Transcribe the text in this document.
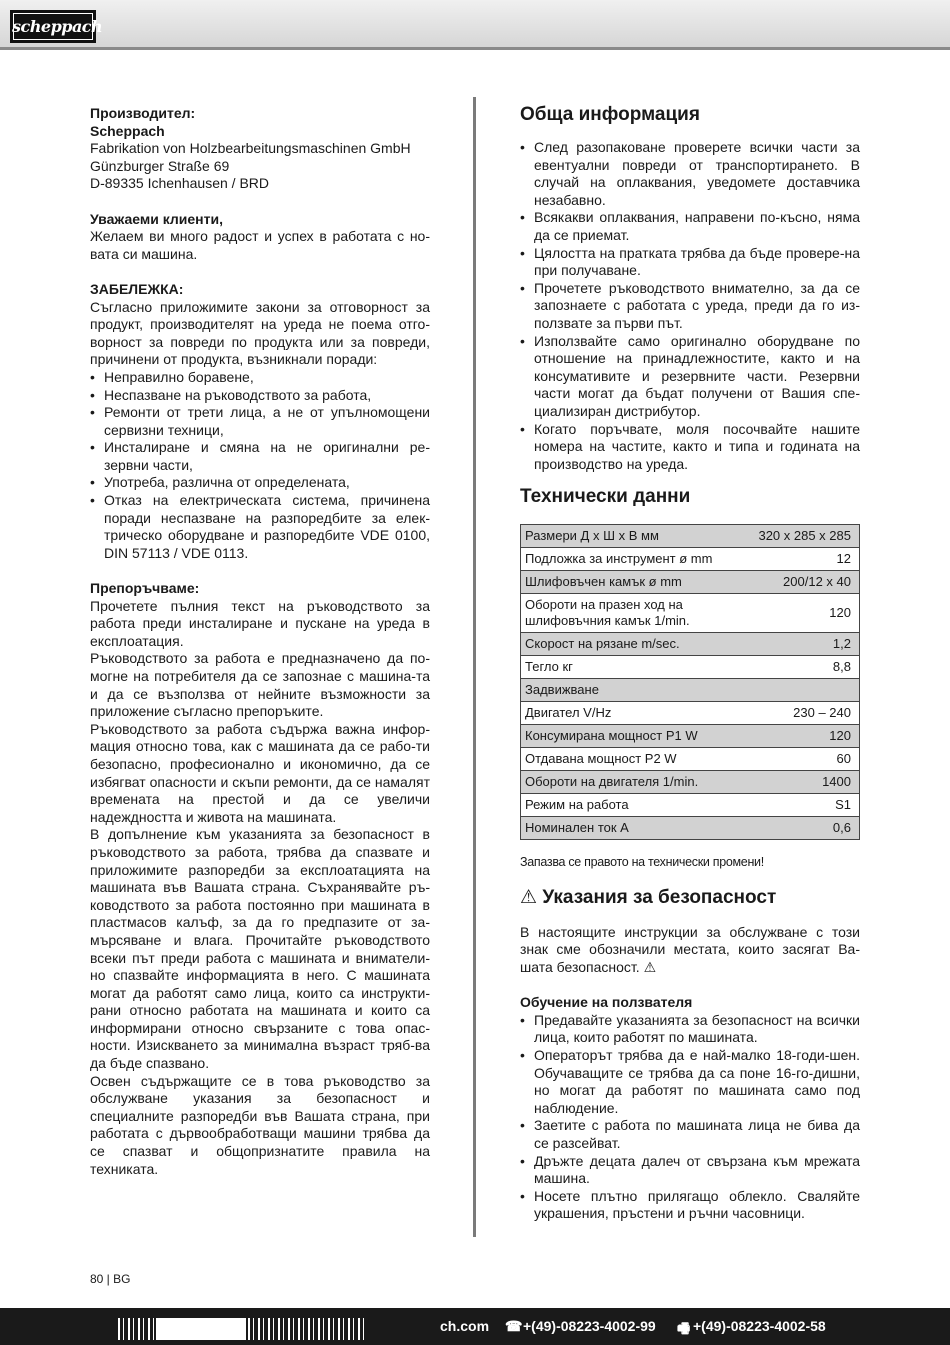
scheppach

Производител:

Scheppach

Fabrikation von Holzbearbeitungsmaschinen GmbH

Günzburger Straße 69

D-89335 Ichenhausen / BRD

Уважаеми клиенти,

Желаем ви много радост и успех в работата с но-вата си машина.

ЗАБЕЛЕЖКА:

Съгласно приложимите закони за отговорност за продукт, производителят на уреда не поема отго-ворност за повреди по продукта или за повреди, причинени от продукта, възникнали поради:

• Неправилно боравене,
• Неспазване на ръководството за работа,
• Ремонти от трети лица, а не от упълномощени сервизни техници,
• Инсталиране и смяна на не оригинални ре-зервни части,
• Употреба, различна от определената,
• Отказ на електрическата система, причинена поради неспазване на разпоредбите за елек-трическо оборудване и разпоредбите VDE 0100, DIN 57113 / VDE 0113.

Препоръчваме:

Прочетете пълния текст на ръководството за работа преди инсталиране и пускане на уреда в експлоатация.

Ръководството за работа е предназначено да по-могне на потребителя да се запознае с машина-та и да се възползва от нейните възможности за приложение съгласно препоръките.

Ръководството за работа съдържа важна инфор-мация относно това, как с машината да се рабо-ти безопасно, професионално и икономично, да се избягват опасности и скъпи ремонти, да се намалят времената на престой и да се увеличи надеждността и живота на машината.

В допълнение към указанията за безопасност в ръководството за работа, трябва да спазвате и приложимите разпоредби за експлоатацията на машината във Вашата страна. Съхранявайте ръ-ководството за работа постоянно при машината в пластмасов калъф, за да го предпазите от за-мърсяване и влага. Прочитайте ръководството всеки път преди работа с машината и вниматели-но спазвайте информацията в него. С машината могат да работят само лица, които са инструкти-рани относно работата на машината и които са информирани относно свързаните с това опас-ности. Изискването за минимална възраст тряб-ва да бъде спазвано.

Освен съдържащите се в това ръководство за обслужване указания за безопасност и специалните разпоредби във Вашата страна, при работата с дървообработващи машини трябва да се спазват и общопризнатите правила на техниката.

Обща информация
• След разопаковане проверете всички части за евентуални повреди от транспортирането. В случай на оплаквания, уведомете доставчика незабавно.
• Всякакви оплаквания, направени по-късно, няма да се приемат.
• Цялостта на пратката трябва да бъде провере-на при получаване.
• Прочетете ръководството внимателно, за да се запознаете с работата с уреда, преди да го из-ползвате за първи път.
• Използвайте само оригинално оборудване по отношение на принадлежностите, както и на консумативите и резервните части. Резервни части могат да бъдат получени от Вашия спе-циализиран дистрибутор.
• Когато поръчвате, моля посочвайте нашите номера на частите, както и типа и годината на производство на уреда.
Технически данни
Размери Д х Ш х В мм	320 x 285 x 285
Подложка за инструмент ø mm	12
Шлифовъчен камък ø mm	200/12 x 40
Обороти на празен ход на шлифовъчния камък 1/min.	120
Скорост на рязане m/sec.	1,2
Тегло кг	8,8
Задвижване	
Двигател V/Hz	230 – 240
Консумирана мощност P1 W	120
Отдавана мощност P2 W	60
Обороти на двигателя 1/min.	1400
Режим на работа	S1
Номинален ток A	0,6

Запазва се правото на технически промени!

⚠ Указания за безопасност

В настоящите инструкции за обслужване с този знак сме обозначили местата, които засягат Ва-шата безопасност. ⚠

Обучение на ползвателя

• Предавайте указанията за безопасност на всички лица, които работят по машината.
• Операторът трябва да е най-малко 18-годи-шен. Обучаващите се трябва да са поне 16-го-дишни, но могат да работят по машината само под наблюдение.
• Заетите с работа по машината лица не бива да се разсейват.
• Дръжте децата далеч от свързана към мрежата машина.
• Носете плътно прилягащо облекло. Сваляйте украшения, пръстени и ръчни часовници.
80 | BG
ch.com ☎ +(49)-08223-4002-99 🖷 +(49)-08223-4002-58
